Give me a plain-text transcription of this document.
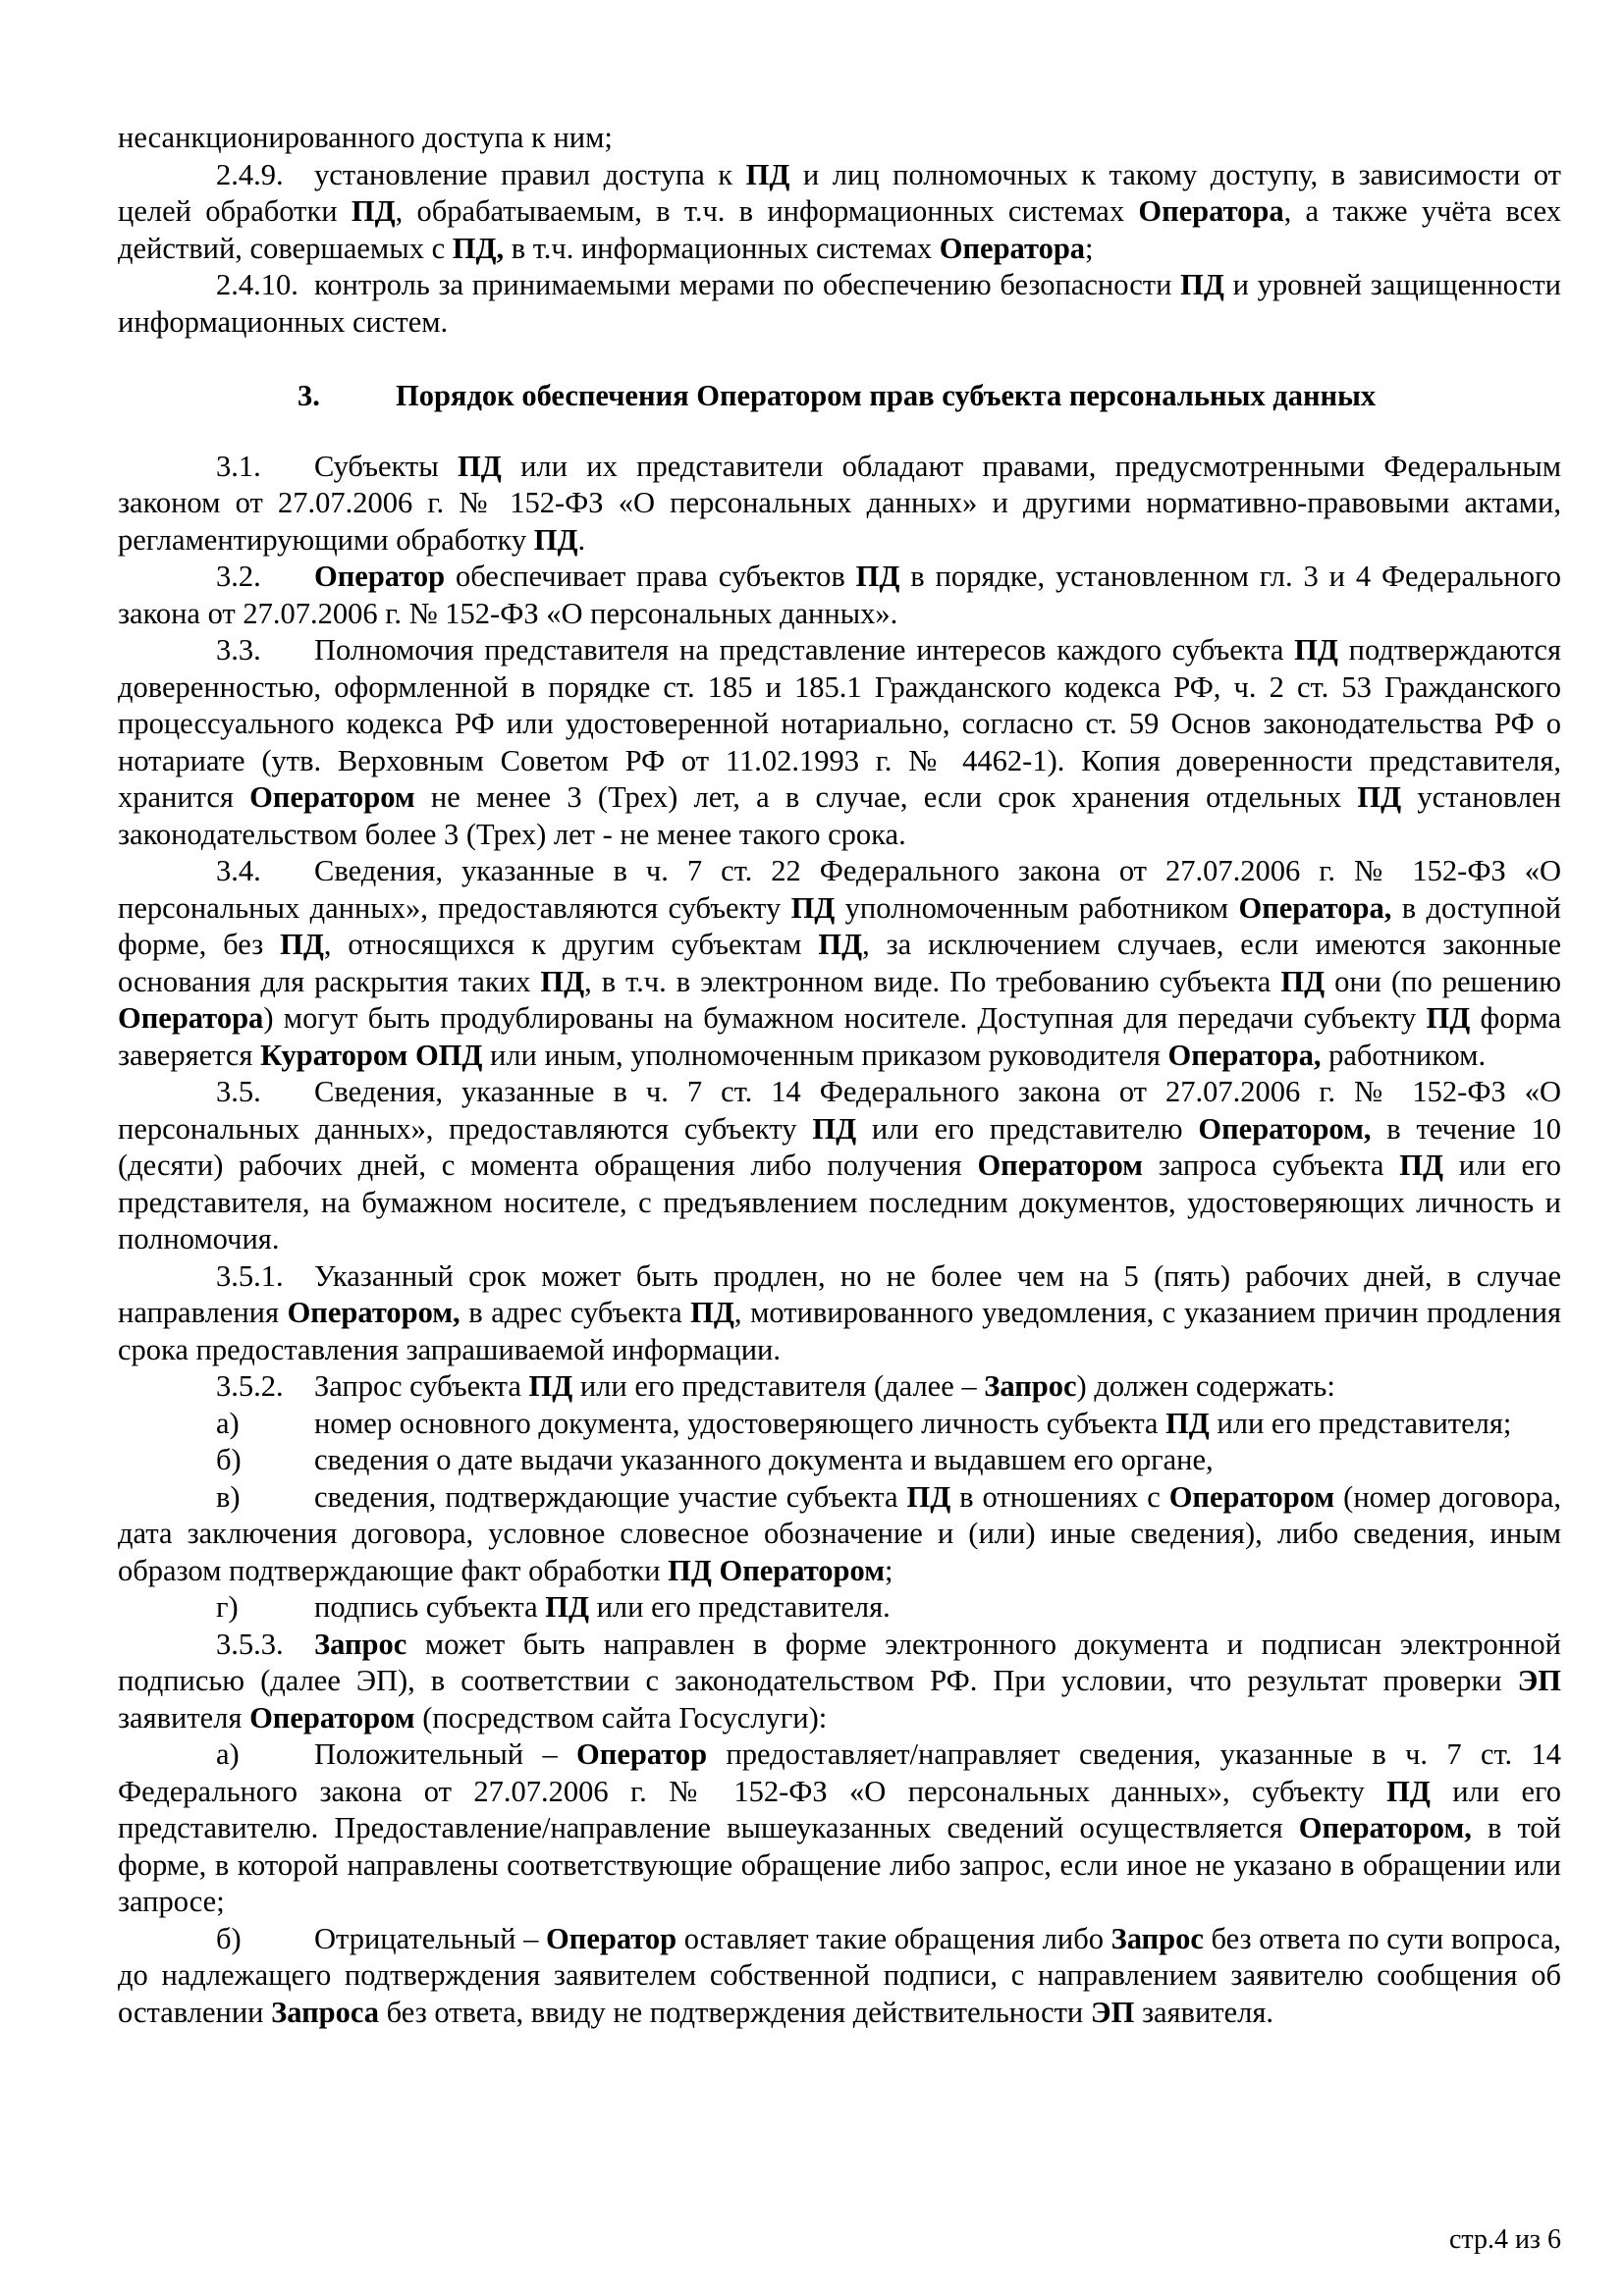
несанкционированного доступа к ним;

2.4.9. установление правил доступа к ПД и лиц полномочных к такому доступу, в зависимости от целей обработки ПД, обрабатываемым, в т.ч. в информационных системах Оператора, а также учёта всех действий, совершаемых с ПД, в т.ч. информационных системах Оператора;

2.4.10. контроль за принимаемыми мерами по обеспечению безопасности ПД и уровней защищенности информационных систем.

3.	Порядок обеспечения Оператором прав субъекта персональных данных

3.1. Субъекты ПД или их представители обладают правами, предусмотренными Федеральным законом от 27.07.2006 г. № 152-ФЗ «О персональных данных» и другими нормативно-правовыми актами, регламентирующими обработку ПД.

3.2. Оператор обеспечивает права субъектов ПД в порядке, установленном гл. 3 и 4 Федерального закона от 27.07.2006 г. № 152-ФЗ «О персональных данных».

3.3. Полномочия представителя на представление интересов каждого субъекта ПД подтверждаются доверенностью, оформленной в порядке ст. 185 и 185.1 Гражданского кодекса РФ, ч. 2 ст. 53 Гражданского процессуального кодекса РФ или удостоверенной нотариально, согласно ст. 59 Основ законодательства РФ о нотариате (утв. Верховным Советом РФ от 11.02.1993 г. № 4462-1). Копия доверенности представителя, хранится Оператором не менее 3 (Трех) лет, а в случае, если срок хранения отдельных ПД установлен законодательством более 3 (Трех) лет - не менее такого срока.

3.4. Сведения, указанные в ч. 7 ст. 22 Федерального закона от 27.07.2006 г. № 152-ФЗ «О персональных данных», предоставляются субъекту ПД уполномоченным работником Оператора, в доступной форме, без ПД, относящихся к другим субъектам ПД, за исключением случаев, если имеются законные основания для раскрытия таких ПД, в т.ч. в электронном виде. По требованию субъекта ПД они (по решению Оператора) могут быть продублированы на бумажном носителе. Доступная для передачи субъекту ПД форма заверяется Куратором ОПД или иным, уполномоченным приказом руководителя Оператора, работником.

3.5. Сведения, указанные в ч. 7 ст. 14 Федерального закона от 27.07.2006 г. № 152-ФЗ «О персональных данных», предоставляются субъекту ПД или его представителю Оператором, в течение 10 (десяти) рабочих дней, с момента обращения либо получения Оператором запроса субъекта ПД или его представителя, на бумажном носителе, с предъявлением последним документов, удостоверяющих личность и полномочия.

3.5.1. Указанный срок может быть продлен, но не более чем на 5 (пять) рабочих дней, в случае направления Оператором, в адрес субъекта ПД, мотивированного уведомления, с указанием причин продления срока предоставления запрашиваемой информации.

3.5.2. Запрос субъекта ПД или его представителя (далее – Запрос) должен содержать:

а)	номер основного документа, удостоверяющего личность субъекта ПД или его представителя;

б) сведения о дате выдачи указанного документа и выдавшем его органе,

в) сведения, подтверждающие участие субъекта ПД в отношениях с Оператором (номер договора, дата заключения договора, условное словесное обозначение и (или) иные сведения), либо сведения, иным образом подтверждающие факт обработки ПД Оператором;

г)	подпись субъекта ПД или его представителя.

3.5.3. Запрос может быть направлен в форме электронного документа и подписан электронной подписью (далее ЭП), в соответствии с законодательством РФ. При условии, что результат проверки ЭП заявителя Оператором (посредством сайта Госуслуги):

а)	Положительный – Оператор предоставляет/направляет сведения, указанные в ч. 7 ст. 14 Федерального закона от 27.07.2006 г. № 152-ФЗ «О персональных данных», субъекту ПД или его представителю. Предоставление/направление вышеуказанных сведений осуществляется Оператором, в той форме, в которой направлены соответствующие обращение либо запрос, если иное не указано в обращении или запросе;

б) Отрицательный – Оператор оставляет такие обращения либо Запрос без ответа по сути вопроса, до надлежащего подтверждения заявителем собственной подписи, с направлением заявителю сообщения об оставлении Запроса без ответа, ввиду не подтверждения действительности ЭП заявителя.

стр.4 из 6
